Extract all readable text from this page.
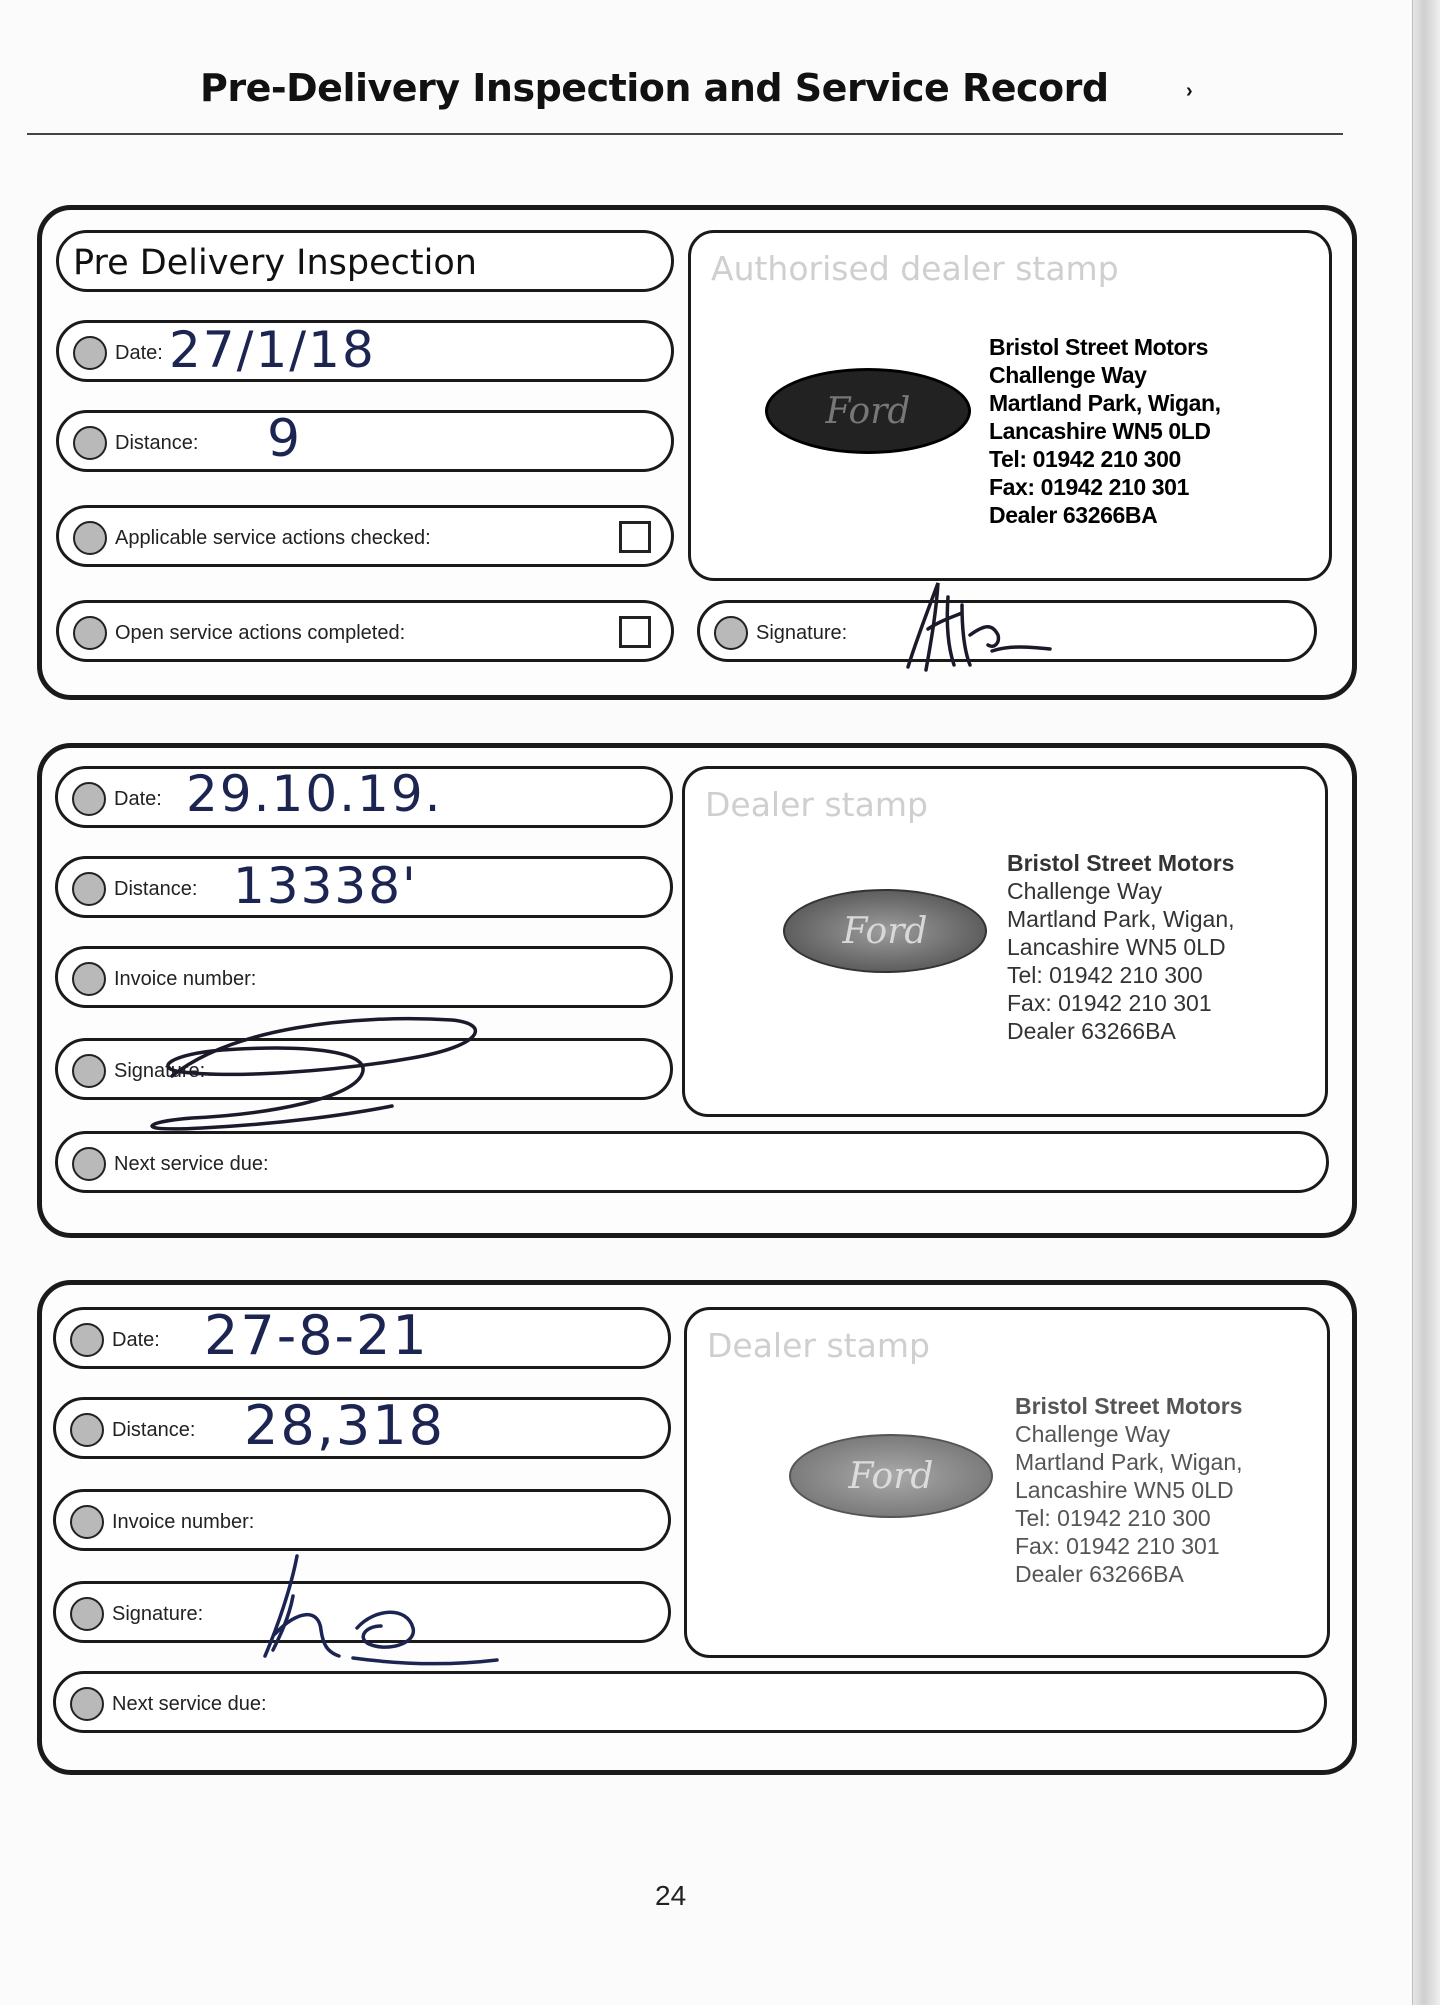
Pre-Delivery Inspection and Service Record	›
Pre Delivery Inspection
Date: 27/1/18
Distance: 9
Applicable service actions checked:
Open service actions completed:
Authorised dealer stamp
Ford
Bristol Street Motors
Challenge Way
Martland Park, Wigan,
Lancashire WN5 0LD
Tel: 01942 210 300
Fax: 01942 210 301
Dealer 63266BA
Signature:
Date: 29.10.19.
Distance: 13338'
Invoice number:
Signature:
Next service due:
Dealer stamp
Ford
Bristol Street Motors
Challenge Way
Martland Park, Wigan,
Lancashire WN5 0LD
Tel: 01942 210 300
Fax: 01942 210 301
Dealer 63266BA
Date: 27-8-21
Distance: 28,318
Invoice number:
Signature:
Next service due:
Dealer stamp
Ford
Bristol Street Motors
Challenge Way
Martland Park, Wigan,
Lancashire WN5 0LD
Tel: 01942 210 300
Fax: 01942 210 301
Dealer 63266BA
24
